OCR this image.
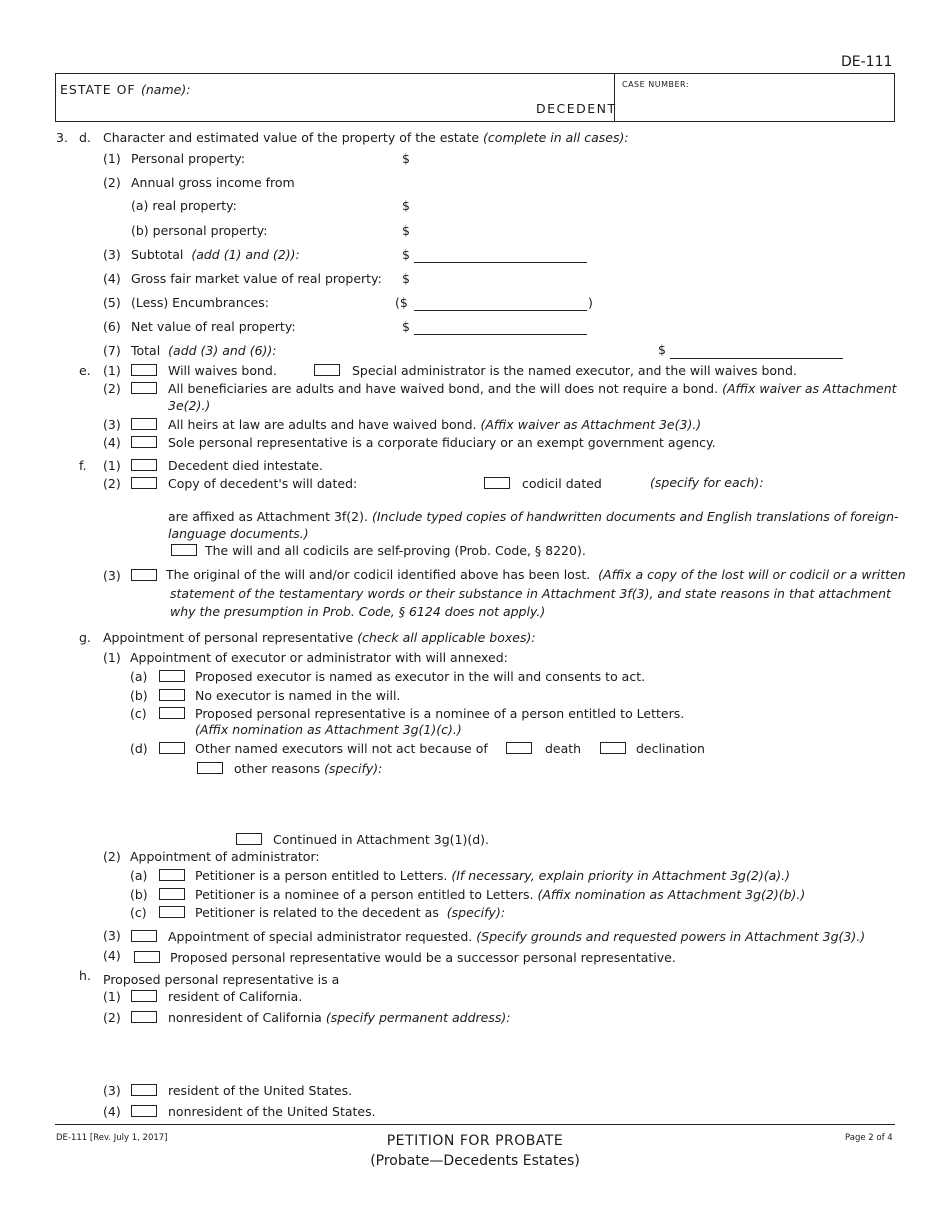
DE-111
ESTATE OF (name):
DECEDENT
CASE NUMBER:
3. d. Character and estimated value of the property of the estate (complete in all cases):
(1) Personal property:	$
(2) Annual gross income from
(a) real property:	$
(b) personal property:	$
(3) Subtotal (add (1) and (2)):	$
(4) Gross fair market value of real property: $
(5) (Less) Encumbrances:	($	)
(6) Net value of real property:	$
(7) Total (add (3) and (6)):	$
e. (1)	Will waives bond.	Special administrator is the named executor, and the will waives bond.
(2)	All beneficiaries are adults and have waived bond, and the will does not require a bond. (Affix waiver as Attachment
3e(2).)
(3)	All heirs at law are adults and have waived bond. (Affix waiver as Attachment 3e(3).)
(4)	Sole personal representative is a corporate fiduciary or an exempt government agency.
f. (1)	Decedent died intestate.
(2)	Copy of decedent's will dated:	codicil dated	(specify for each):
are affixed as Attachment 3f(2). (Include typed copies of handwritten documents and English translations of foreign-
language documents.)
The will and all codicils are self-proving (Prob. Code, § 8220).
(3)	The original of the will and/or codicil identified above has been lost. (Affix a copy of the lost will or codicil or a written
statement of the testamentary words or their substance in Attachment 3f(3), and state reasons in that attachment
why the presumption in Prob. Code, § 6124 does not apply.)
g. Appointment of personal representative (check all applicable boxes):
(1) Appointment of executor or administrator with will annexed:
(a)	Proposed executor is named as executor in the will and consents to act.
(b)	No executor is named in the will.
(c)	Proposed personal representative is a nominee of a person entitled to Letters.
(Affix nomination as Attachment 3g(1)(c).)
(d)	Other named executors will not act because of	death	declination
other reasons (specify):
Continued in Attachment 3g(1)(d).
(2) Appointment of administrator:
(a)	Petitioner is a person entitled to Letters. (If necessary, explain priority in Attachment 3g(2)(a).)
(b)	Petitioner is a nominee of a person entitled to Letters. (Affix nomination as Attachment 3g(2)(b).)
(c)	Petitioner is related to the decedent as (specify):
(3)	Appointment of special administrator requested. (Specify grounds and requested powers in Attachment 3g(3).)
(4)	Proposed personal representative would be a successor personal representative.
h. Proposed personal representative is a
(1)	resident of California.
(2)	nonresident of California (specify permanent address):
(3)	resident of the United States.
(4)	nonresident of the United States.
DE-111 [Rev. July 1, 2017]	PETITION FOR PROBATE
(Probate—Decedents Estates)
Page 2 of 4
